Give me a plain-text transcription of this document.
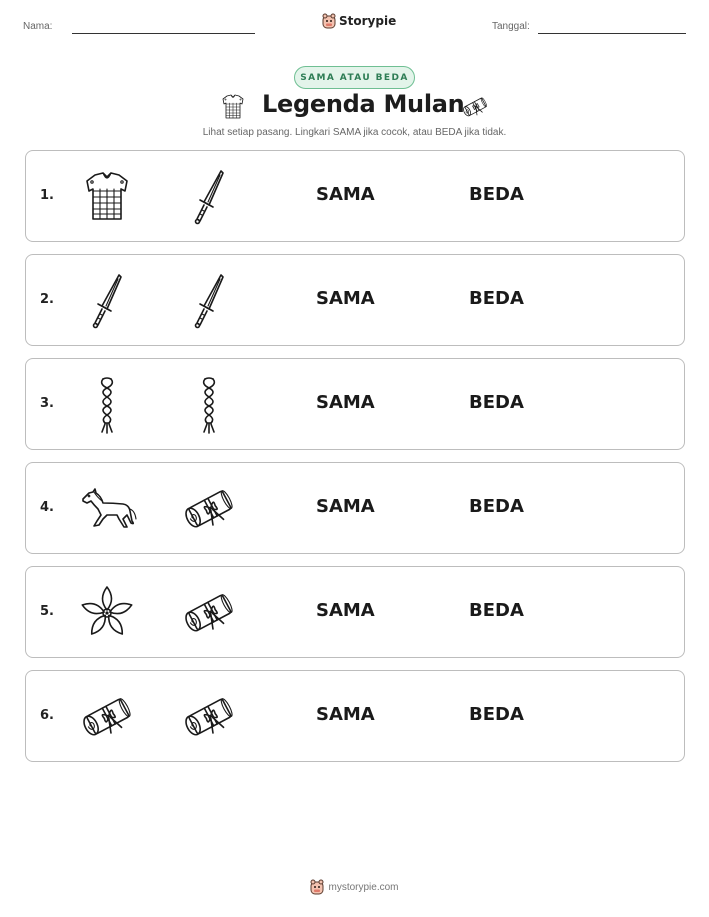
Nama:	Storypie	Tanggal:
SAMA ATAU BEDA
Legenda Mulan
Lihat setiap pasang. Lingkari SAMA jika cocok, atau BEDA jika tidak.
1.	SAMA	BEDA
2.	SAMA	BEDA
3.	SAMA	BEDA
4.	SAMA	BEDA
5.	SAMA	BEDA
6.	SAMA	BEDA
mystorypie.com
